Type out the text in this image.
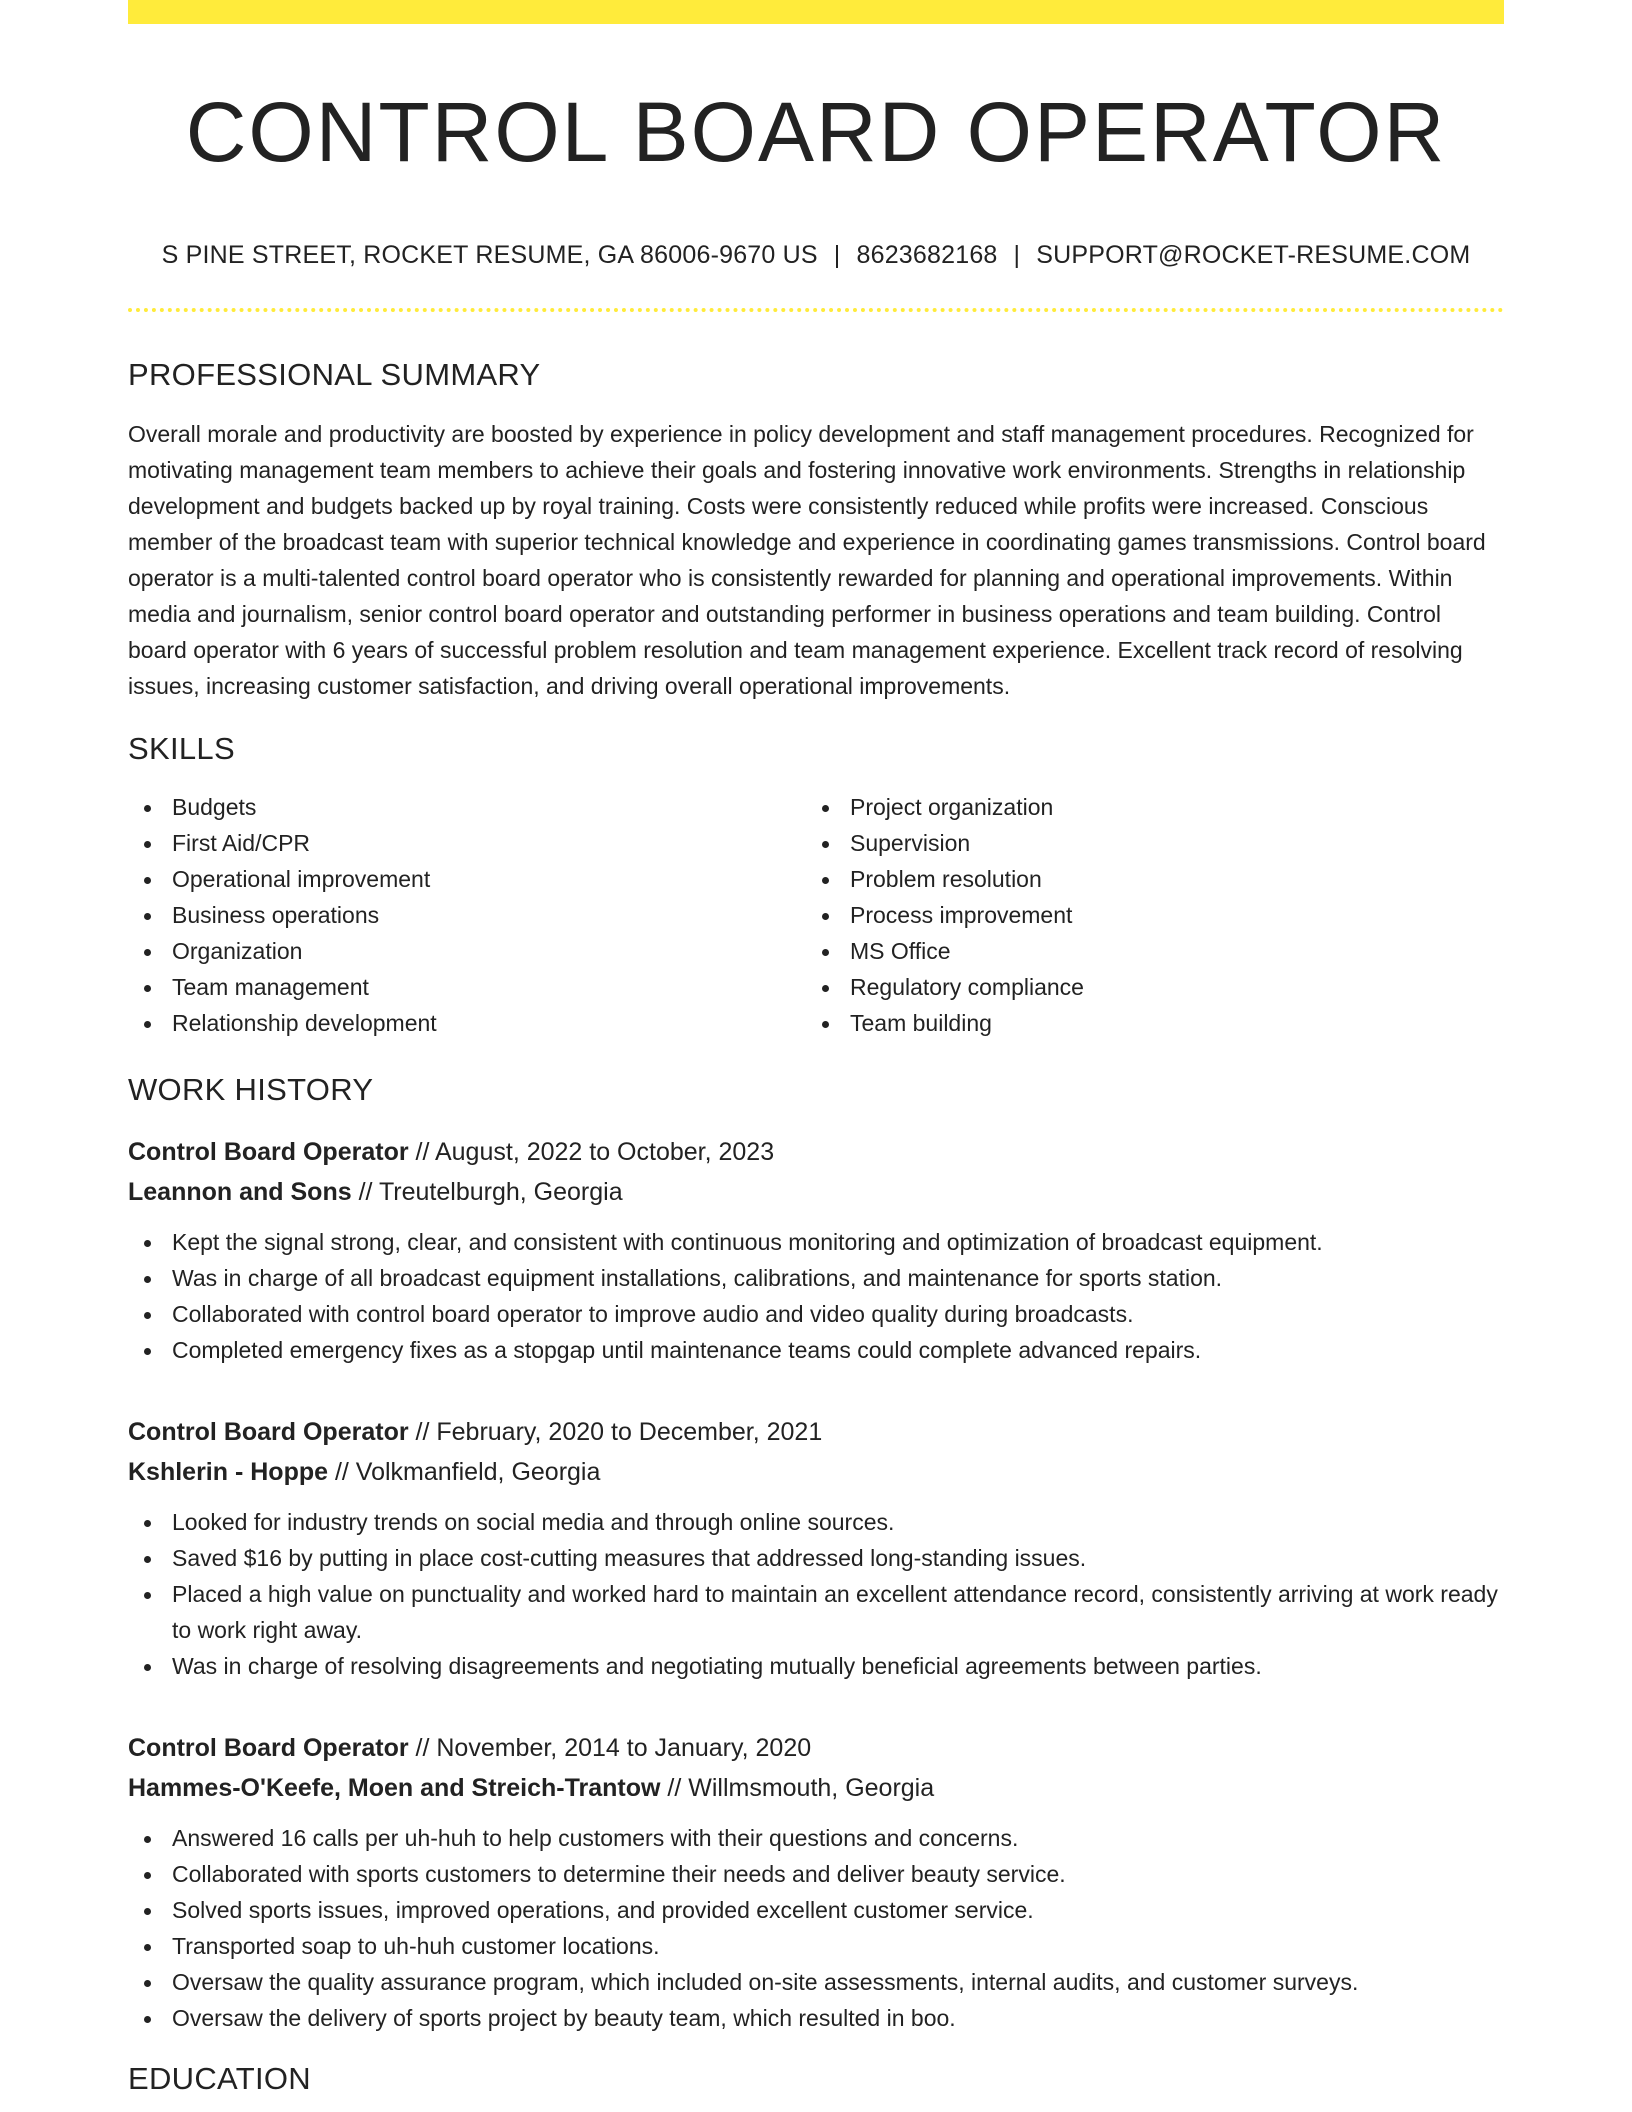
CONTROL BOARD OPERATOR
S PINE STREET, ROCKET RESUME, GA 86006-9670 US | 8623682168 | SUPPORT@ROCKET-RESUME.COM
PROFESSIONAL SUMMARY
Overall morale and productivity are boosted by experience in policy development and staff management procedures. Recognized for motivating management team members to achieve their goals and fostering innovative work environments. Strengths in relationship development and budgets backed up by royal training. Costs were consistently reduced while profits were increased. Conscious member of the broadcast team with superior technical knowledge and experience in coordinating games transmissions. Control board operator is a multi-talented control board operator who is consistently rewarded for planning and operational improvements. Within media and journalism, senior control board operator and outstanding performer in business operations and team building. Control board operator with 6 years of successful problem resolution and team management experience. Excellent track record of resolving issues, increasing customer satisfaction, and driving overall operational improvements.
SKILLS
Budgets
First Aid/CPR
Operational improvement
Business operations
Organization
Team management
Relationship development
Project organization
Supervision
Problem resolution
Process improvement
MS Office
Regulatory compliance
Team building
WORK HISTORY
Control Board Operator // August, 2022 to October, 2023
Leannon and Sons // Treutelburgh, Georgia
Kept the signal strong, clear, and consistent with continuous monitoring and optimization of broadcast equipment.
Was in charge of all broadcast equipment installations, calibrations, and maintenance for sports station.
Collaborated with control board operator to improve audio and video quality during broadcasts.
Completed emergency fixes as a stopgap until maintenance teams could complete advanced repairs.
Control Board Operator // February, 2020 to December, 2021
Kshlerin - Hoppe // Volkmanfield, Georgia
Looked for industry trends on social media and through online sources.
Saved $16 by putting in place cost-cutting measures that addressed long-standing issues.
Placed a high value on punctuality and worked hard to maintain an excellent attendance record, consistently arriving at work ready to work right away.
Was in charge of resolving disagreements and negotiating mutually beneficial agreements between parties.
Control Board Operator // November, 2014 to January, 2020
Hammes-O'Keefe, Moen and Streich-Trantow // Willmsmouth, Georgia
Answered 16 calls per uh-huh to help customers with their questions and concerns.
Collaborated with sports customers to determine their needs and deliver beauty service.
Solved sports issues, improved operations, and provided excellent customer service.
Transported soap to uh-huh customer locations.
Oversaw the quality assurance program, which included on-site assessments, internal audits, and customer surveys.
Oversaw the delivery of sports project by beauty team, which resulted in boo.
EDUCATION
